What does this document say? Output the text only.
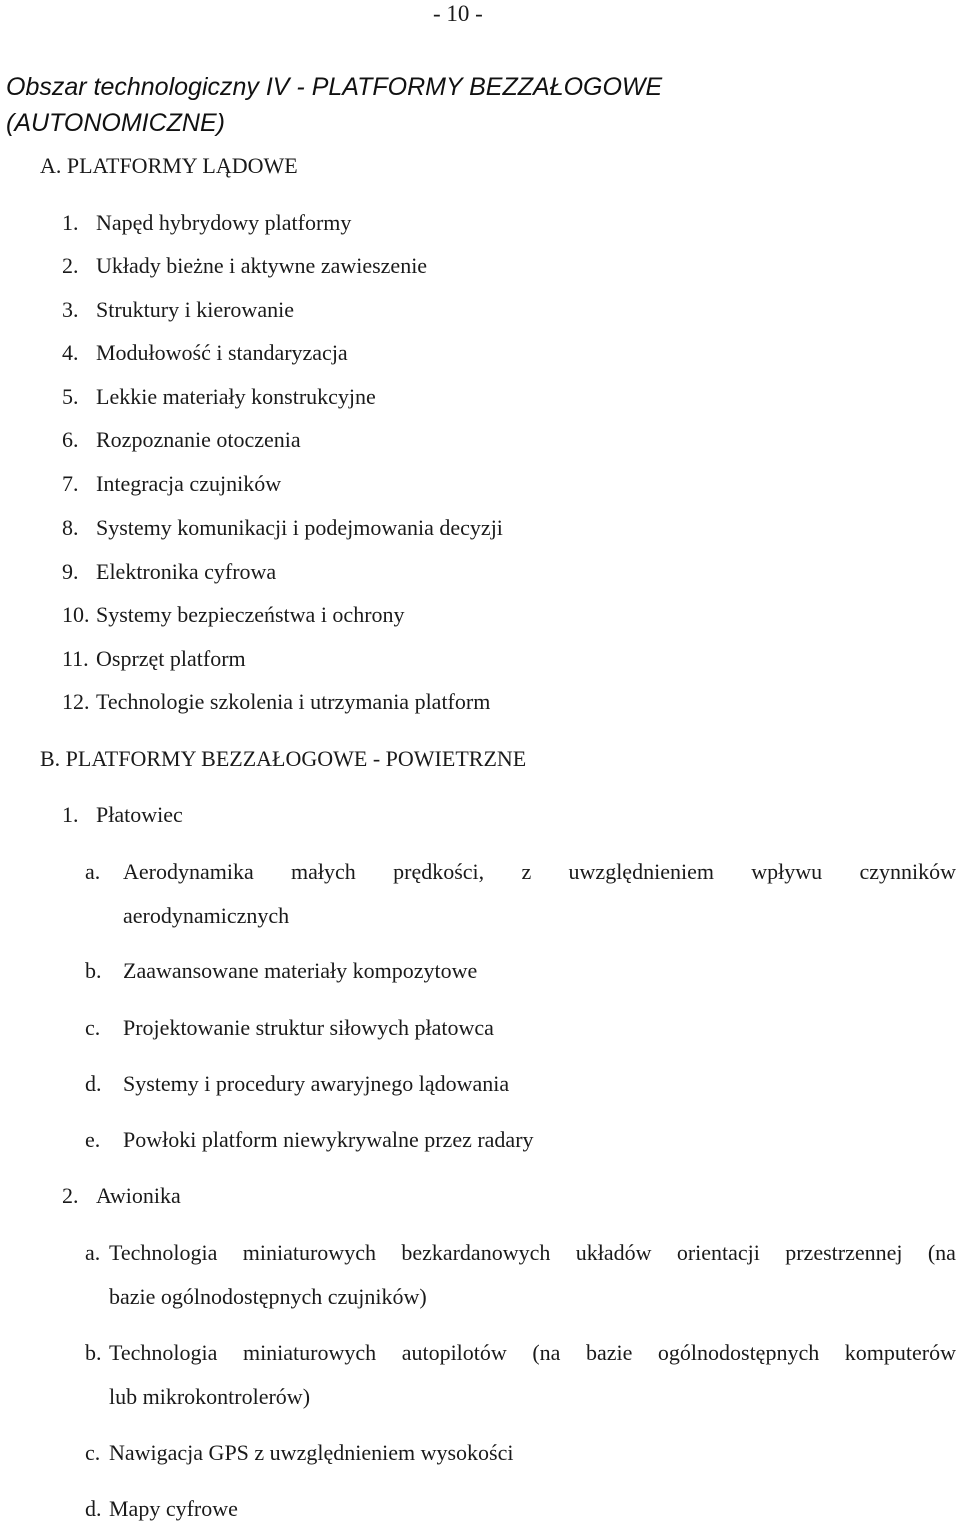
- 10 -
Obszar technologiczny IV - PLATFORMY BEZZAŁOGOWE
(AUTONOMICZNE)
A. PLATFORMY LĄDOWE
1. Napęd hybrydowy platformy
2. Układy bieżne i aktywne zawieszenie
3. Struktury i kierowanie
4. Modułowość i standaryzacja
5. Lekkie materiały konstrukcyjne
6. Rozpoznanie otoczenia
7. Integracja czujników
8. Systemy komunikacji i podejmowania decyzji
9. Elektronika cyfrowa
10. Systemy bezpieczeństwa i ochrony
11. Osprzęt platform
12. Technologie szkolenia i utrzymania platform
B. PLATFORMY BEZZAŁOGOWE - POWIETRZNE
1. Płatowiec
a. Aerodynamika małych prędkości, z uwzględnieniem wpływu czynników
aerodynamicznych
b. Zaawansowane materiały kompozytowe
c. Projektowanie struktur siłowych płatowca
d. Systemy i procedury awaryjnego lądowania
e. Powłoki platform niewykrywalne przez radary
2. Awionika
a. Technologia miniaturowych bezkardanowych układów orientacji przestrzennej (na
bazie ogólnodostępnych czujników)
b. Technologia miniaturowych autopilotów (na bazie ogólnodostępnych komputerów
lub mikrokontrolerów)
c. Nawigacja GPS z uwzględnieniem wysokości
d. Mapy cyfrowe
